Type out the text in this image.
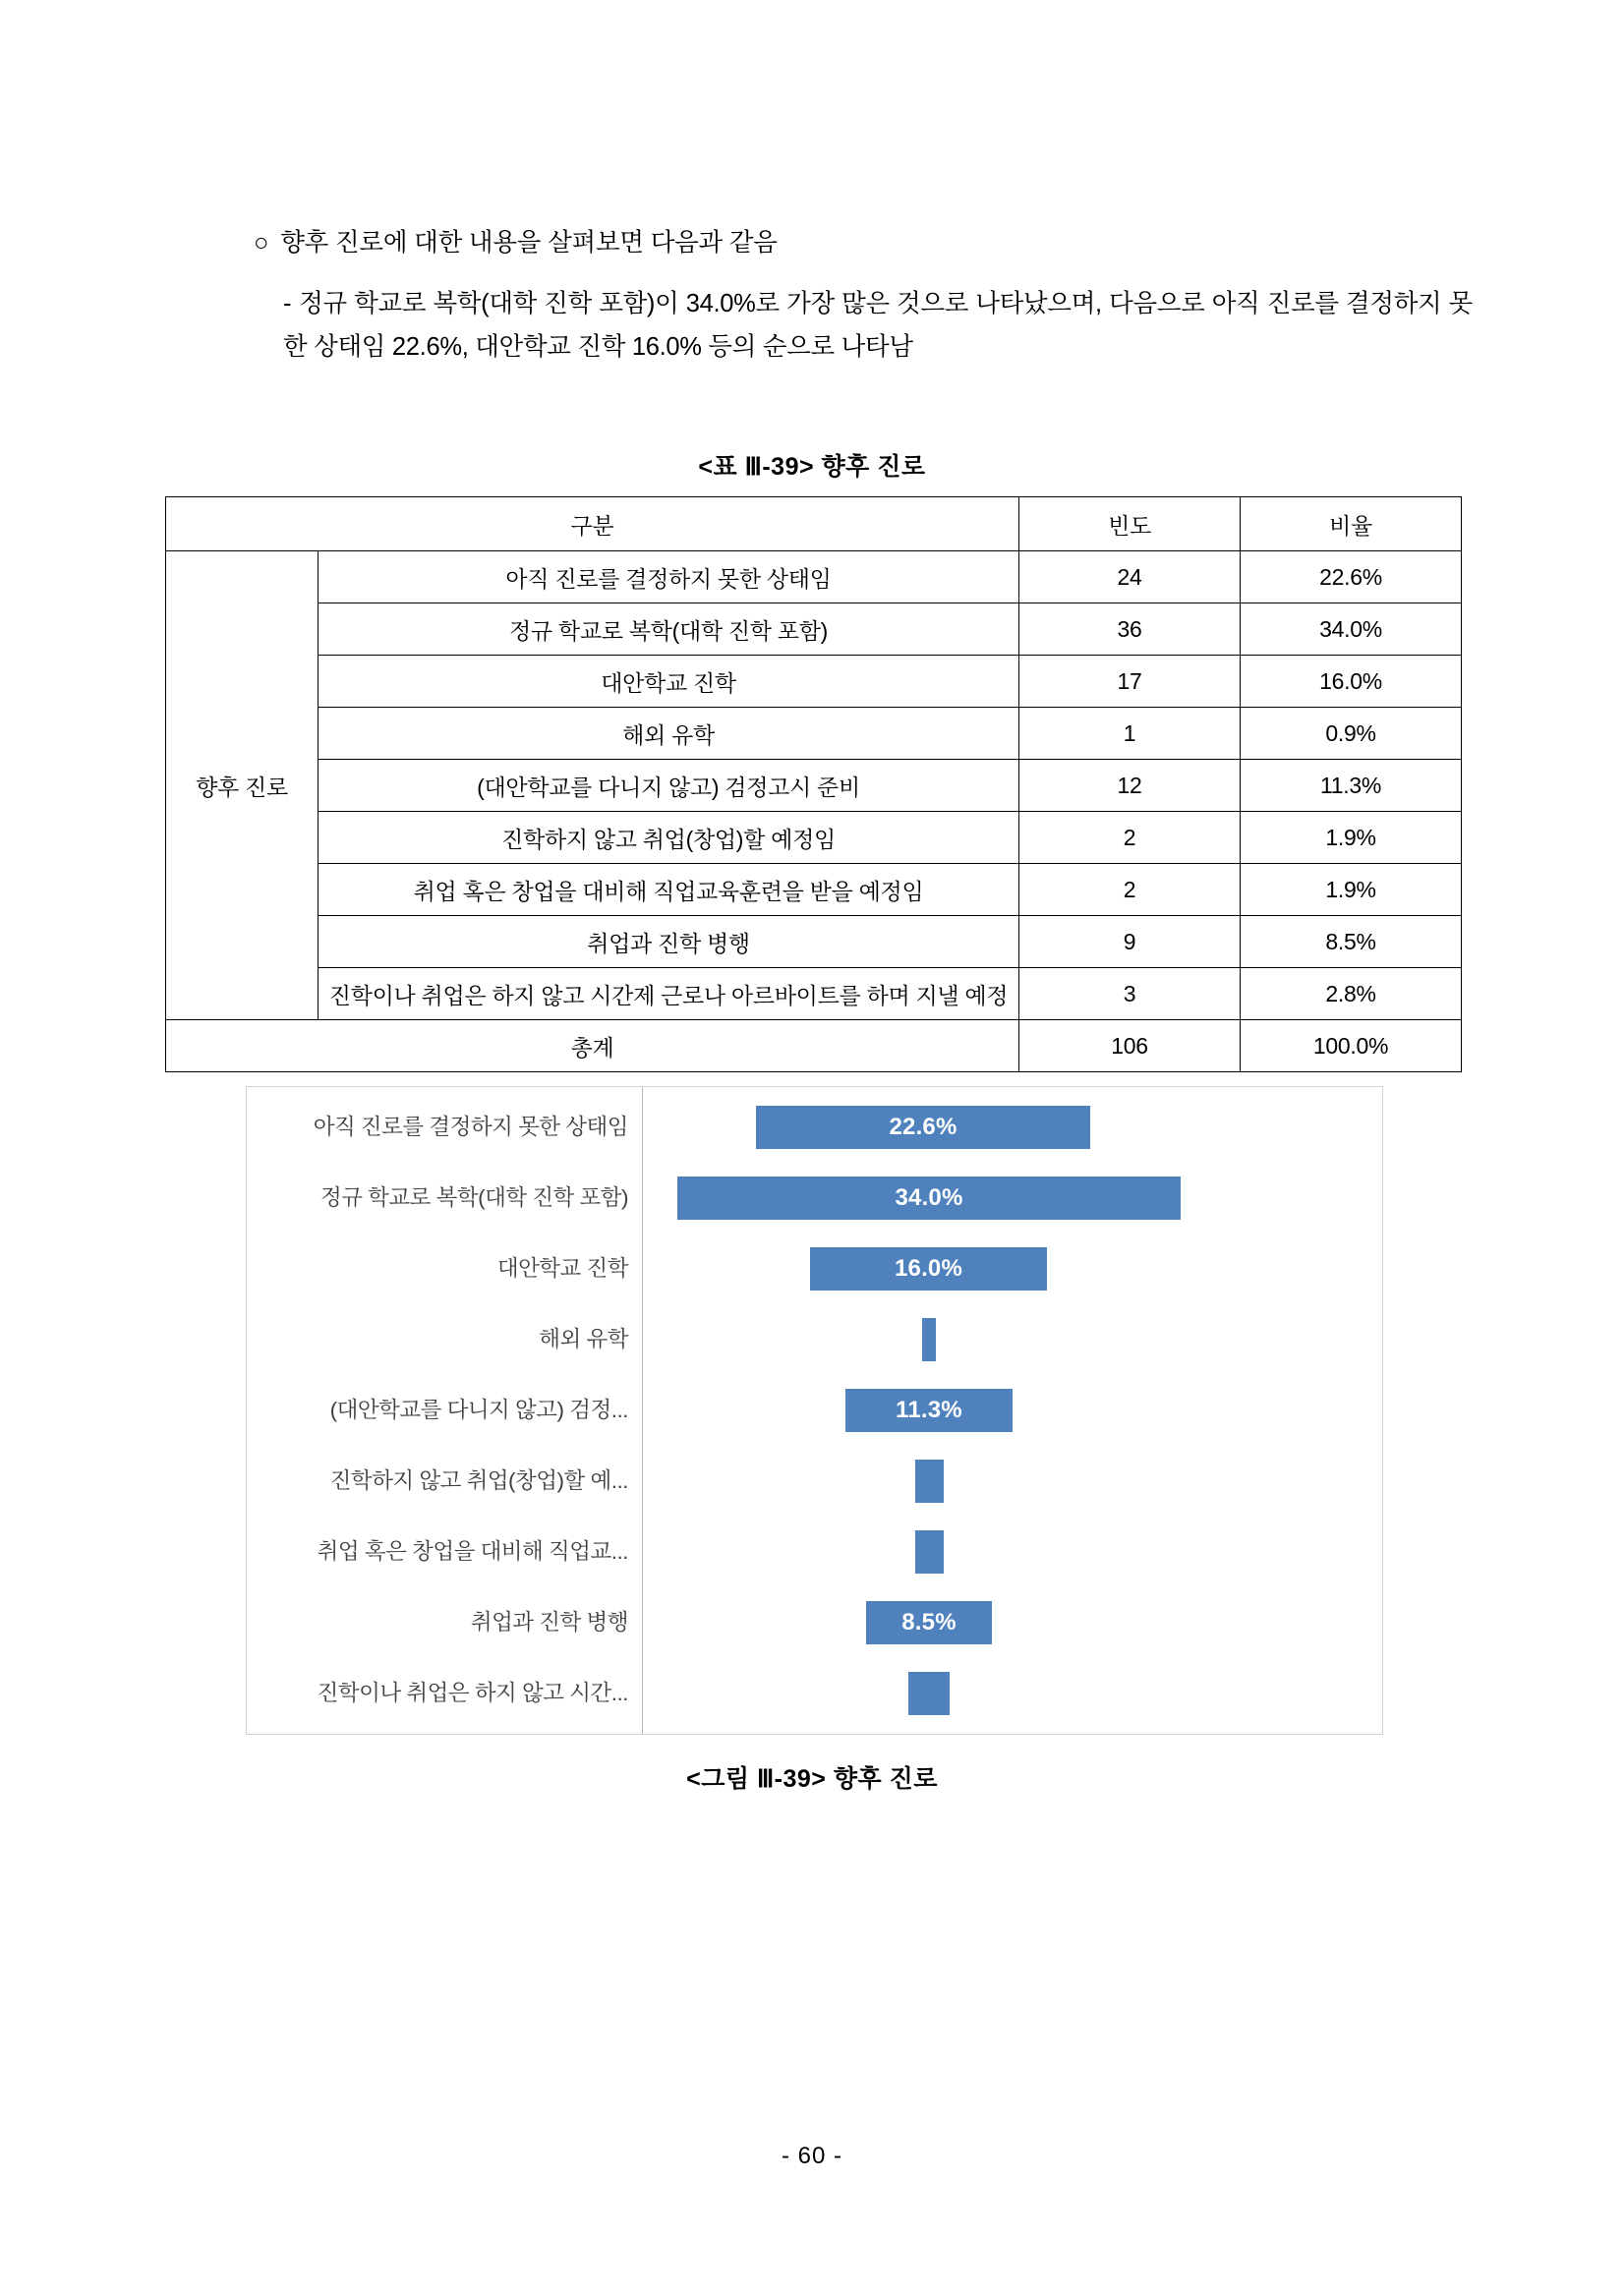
○ 향후 진로에 대한 내용을 살펴보면 다음과 같음
- 정규 학교로 복학(대학 진학 포함)이 34.0%로 가장 많은 것으로 나타났으며, 다음으로 아직 진로를 결정하지 못한 상태임 22.6%, 대안학교 진학 16.0% 등의 순으로 나타남
<표 Ⅲ-39> 향후 진로
구분		빈도	비율
향후 진로	아직 진로를 결정하지 못한 상태임	24	22.6%
	정규 학교로 복학(대학 진학 포함)	36	34.0%
	대안학교 진학	17	16.0%
	해외 유학	1	0.9%
	(대안학교를 다니지 않고) 검정고시 준비	12	11.3%
	진학하지 않고 취업(창업)할 예정임	2	1.9%
	취업 혹은 창업을 대비해 직업교육훈련을 받을 예정임	2	1.9%
	취업과 진학 병행	9	8.5%
	진학이나 취업은 하지 않고 시간제 근로나 아르바이트를 하며 지낼 예정	3	2.8%
총계		106	100.0%
아직 진로를 결정하지 못한 상태임
정규 학교로 복학(대학 진학 포함)
대안학교 진학
해외 유학
(대안학교를 다니지 않고) 검정...
진학하지 않고 취업(창업)할 예...
취업 혹은 창업을 대비해 직업교...
취업과 진학 병행
진학이나 취업은 하지 않고 시간...
22.6%
34.0%
16.0%
11.3%
8.5%
<그림 Ⅲ-39> 향후 진로
- 60 -
